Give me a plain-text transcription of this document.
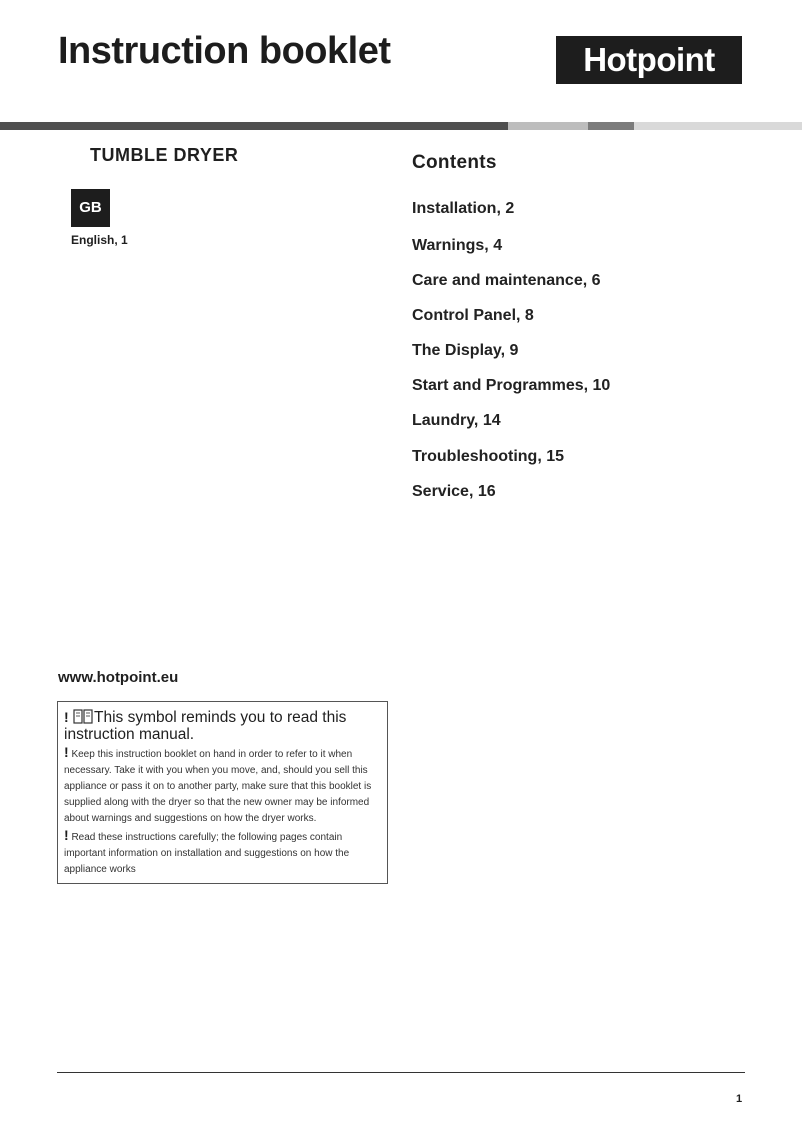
Instruction booklet	Hotpoint
TUMBLE DRYER
GB
English, 1
Contents
Installation, 2
Warnings, 4
Care and maintenance, 6
Control Panel, 8
The Display, 9
Start and Programmes, 10
Laundry, 14
Troubleshooting, 15
Service, 16
www.hotpoint.eu

! This symbol reminds you to read this instruction manual.

! Keep this instruction booklet on hand in order to refer to it when necessary. Take it with you when you move, and, should you sell this appliance or pass it on to another party, make sure that this booklet is supplied along with the dryer so that the new owner may be informed about warnings and suggestions on how the dryer works.

! Read these instructions carefully; the following pages contain important information on installation and suggestions on how the appliance works

1
